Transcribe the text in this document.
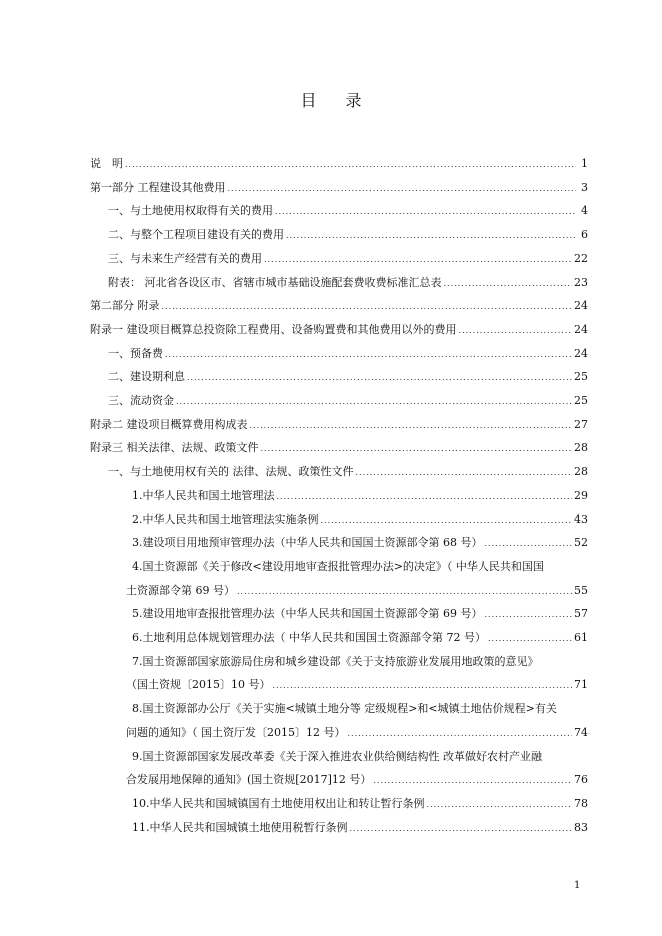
目 录
说　明 .....	1
第一部分 工程建设其他费用 .....	3
一、与土地使用权取得有关的费用 .....	4
二、与整个工程项目建设有关的费用 .....	6
三、与未来生产经营有关的费用 .....	22
附表： 河北省各设区市、省辖市城市基础设施配套费收费标准汇总表 .....	23
第二部分 附录 .....	24
附录一 建设项目概算总投资除工程费用、设备购置费和其他费用以外的费用 .....	24
一、预备费 .....	24
二、建设期利息 .....	25
三、流动资金 .....	25
附录二 建设项目概算费用构成表 .....	27
附录三 相关法律、法规、政策文件 .....	28
一、与土地使用权有关的 法律、法规、政策性文件 .....	28
1.中华人民共和国土地管理法 .....	29
2.中华人民共和国土地管理法实施条例 .....	43
3.建设项目用地预审管理办法（中华人民共和国国土资源部令第 68 号） .....	52
4.国土资源部《关于修改<建设用地审查报批管理办法>的决定》（ 中华人民共和国国
土资源部令第 69 号） .....	55
5.建设用地审查报批管理办法（中华人民共和国国土资源部令第 69 号） .....	57
6.土地利用总体规划管理办法（ 中华人民共和国国土资源部令第 72 号） .....	61
7.国土资源部国家旅游局住房和城乡建设部《关于支持旅游业发展用地政策的意见》
（国土资规〔2015〕10 号） .....	71
8.国土资源部办公厅《关于实施<城镇土地分等 定级规程>和<城镇土地估价规程>有关
问题的通知》（ 国土资厅发〔2015〕12 号） .....	74
9.国土资源部国家发展改革委《关于深入推进农业供给侧结构性 改革做好农村产业融
合发展用地保障的通知》(国土资规[2017]12 号） .....	76
10.中华人民共和国城镇国有土地使用权出让和转让暂行条例 .....	78
11.中华人民共和国城镇土地使用税暂行条例 .....	83
1
